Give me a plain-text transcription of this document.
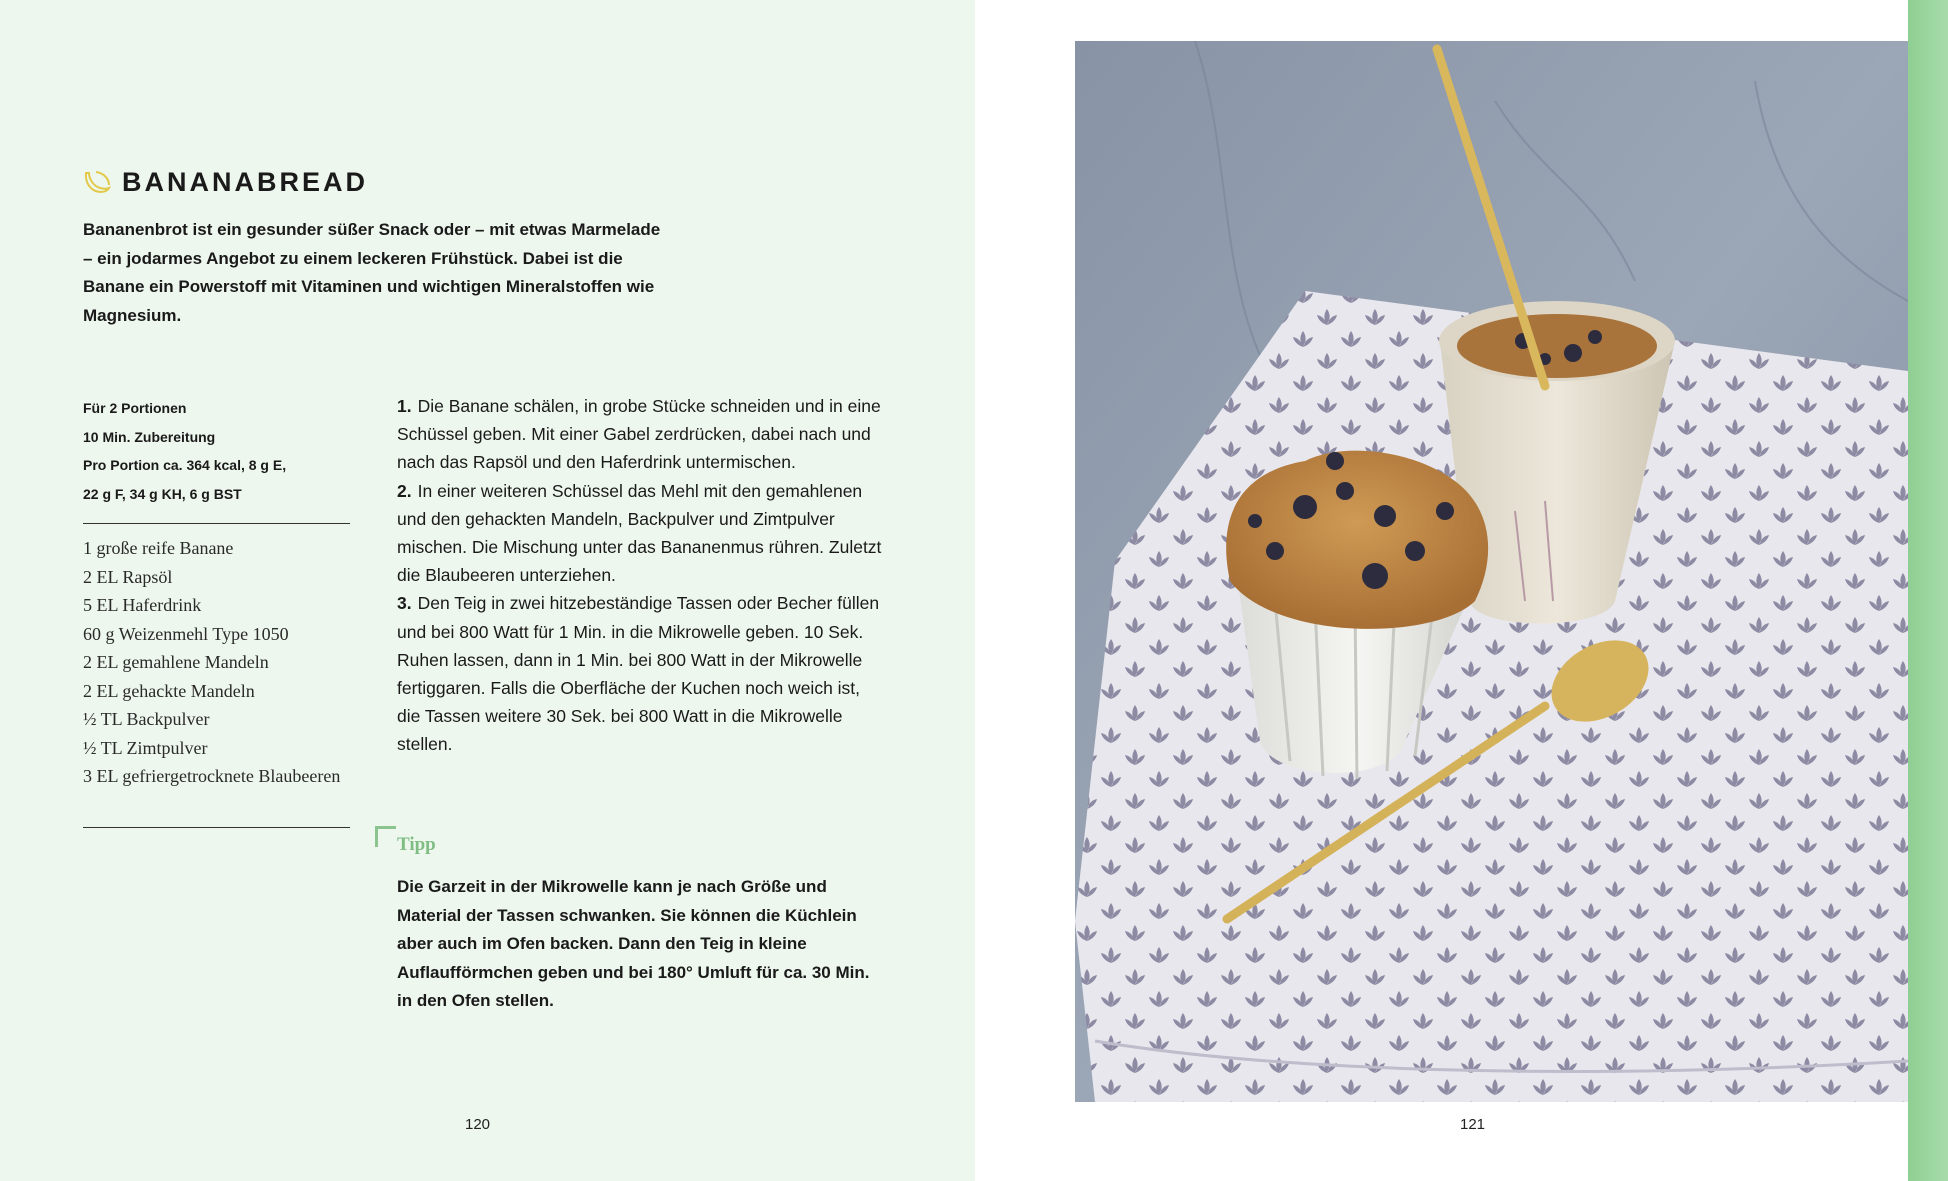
BANANABREAD
Bananenbrot ist ein gesunder süßer Snack oder – mit etwas Marmelade – ein jodarmes Angebot zu einem leckeren Frühstück. Dabei ist die Banane ein Powerstoff mit Vitaminen und wichtigen Mineralstoffen wie Magnesium.
Für 2 Portionen
10 Min. Zubereitung
Pro Portion ca. 364 kcal, 8 g E,
22 g F, 34 g KH, 6 g BST
1 große reife Banane
2 EL Rapsöl
5 EL Haferdrink
60 g Weizenmehl Type 1050
2 EL gemahlene Mandeln
2 EL gehackte Mandeln
½ TL Backpulver
½ TL Zimtpulver
3 EL gefriergetrocknete Blaubeeren

1. Die Banane schälen, in grobe Stücke schneiden und in eine Schüssel geben. Mit einer Gabel zerdrücken, dabei nach und nach das Rapsöl und den Haferdrink untermischen.

2. In einer weiteren Schüssel das Mehl mit den gemahlenen und den gehackten Mandeln, Backpulver und Zimtpulver mischen. Die Mischung unter das Bananenmus rühren. Zuletzt die Blaubeeren unterziehen.

3. Den Teig in zwei hitzebeständige Tassen oder Becher füllen und bei 800 Watt für 1 Min. in die Mikrowelle geben. 10 Sek. Ruhen lassen, dann in 1 Min. bei 800 Watt in der Mikrowelle fertiggaren. Falls die Oberfläche der Kuchen noch weich ist, die Tassen weitere 30 Sek. bei 800 Watt in die Mikrowelle stellen.

Tipp
Die Garzeit in der Mikrowelle kann je nach Größe und Material der Tassen schwanken. Sie können die Küchlein aber auch im Ofen backen. Dann den Teig in kleine Auflaufförmchen geben und bei 180° Umluft für ca. 30 Min. in den Ofen stellen.
120	121
